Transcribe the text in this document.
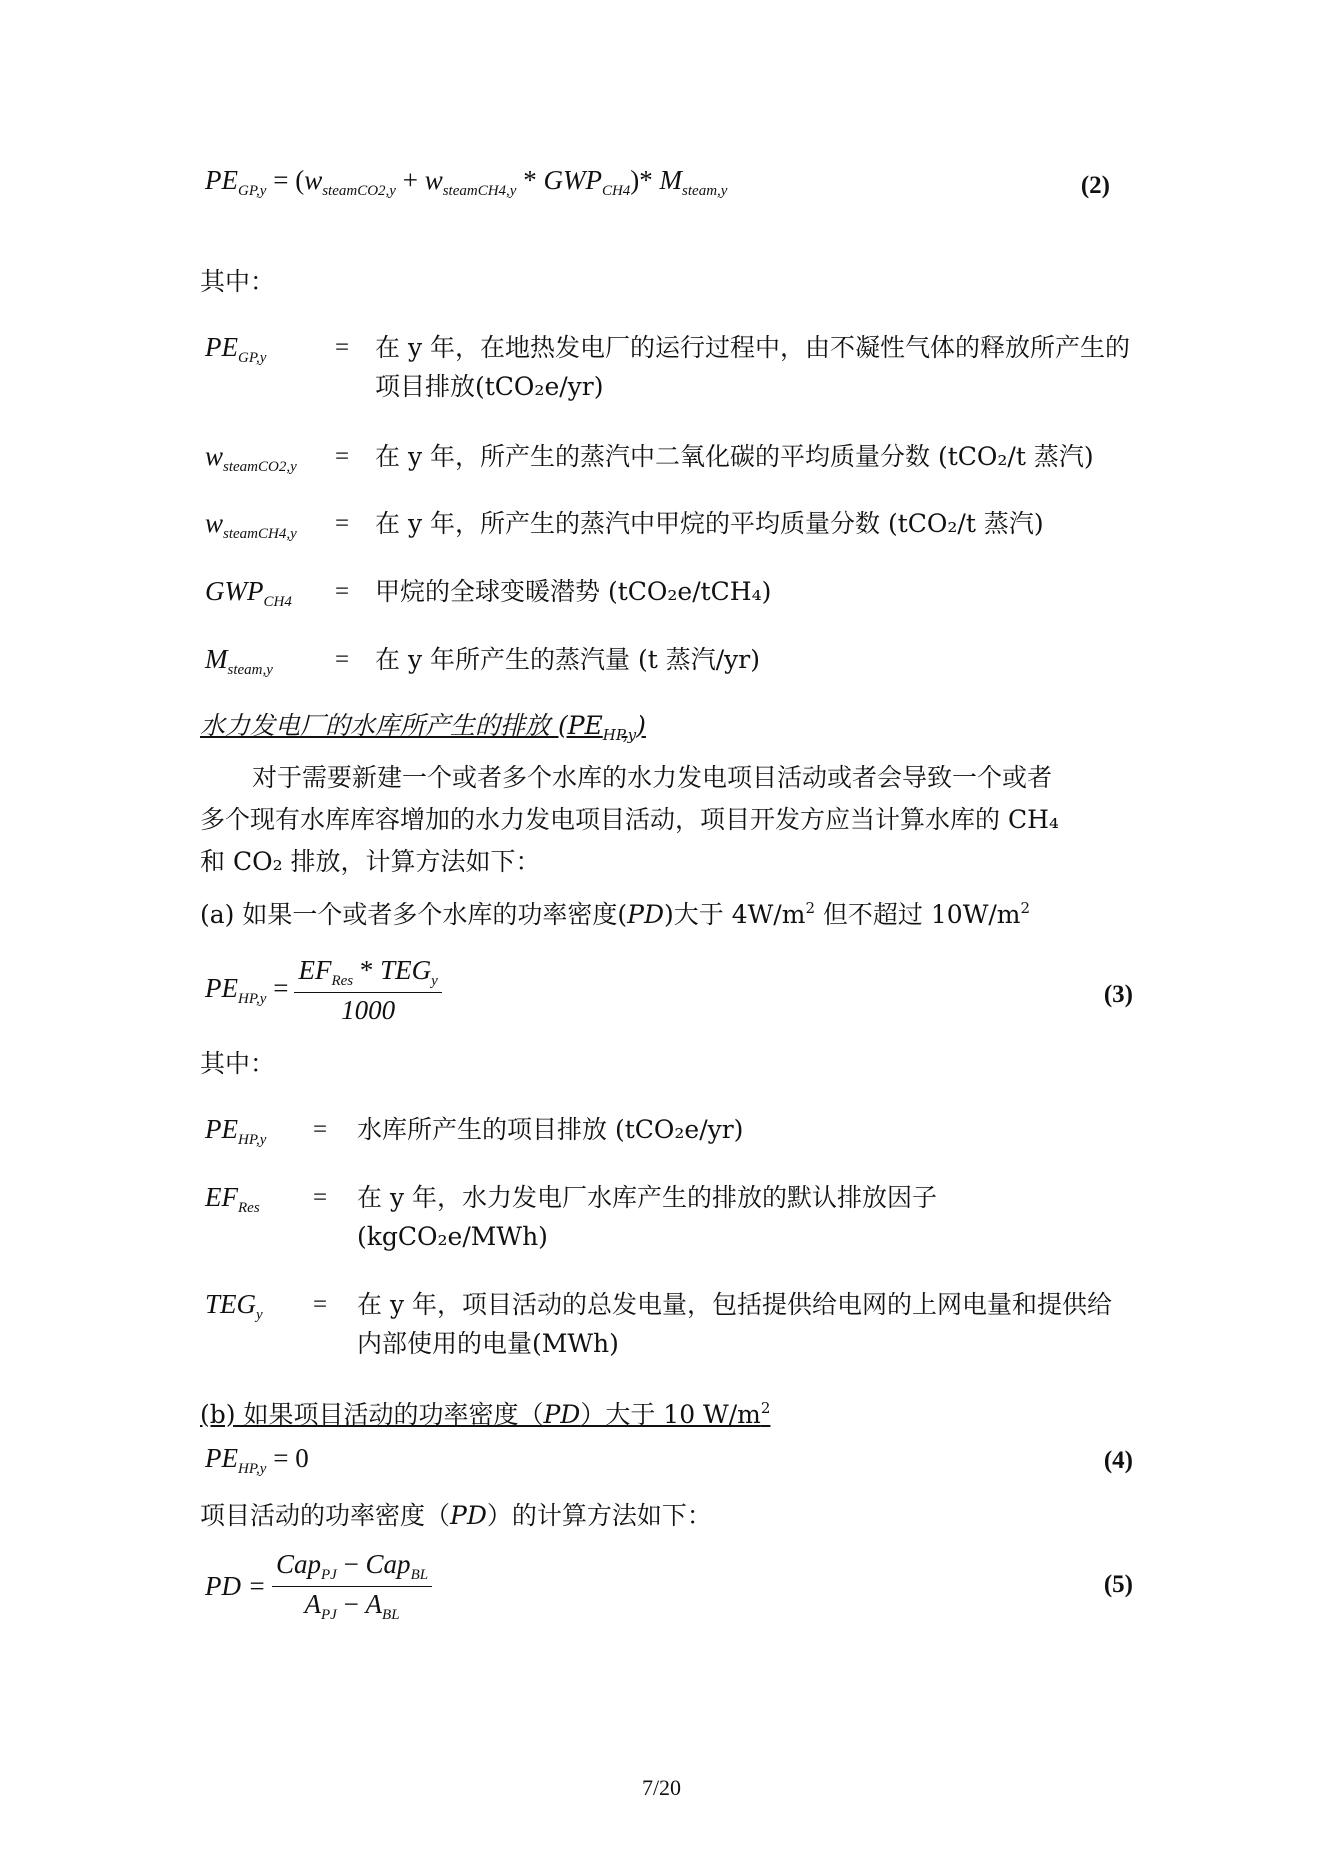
$PE_{GP,y} = (w_{steamCO2,y} + w_{steamCH4,y} * GWP_{CH4})*$ $M_{steam,y}$	(2)
其中：
$PE_{GP,y}$	= 在 y 年，在地热发电厂的运行过程中，由不凝性气体的释放所产生的项目排放(tCO₂e/yr)
$w_{steamCO2,y}$ = 在 y 年，所产生的蒸汽中二氧化碳的平均质量分数 (tCO₂/t 蒸汽)
$w_{steamCH4,y}$ = 在 y 年，所产生的蒸汽中甲烷的平均质量分数 (tCO₂/t 蒸汽)
$GWP_{CH4}$ = 甲烷的全球变暖潜势 (tCO₂e/tCH₄)
$M_{steam,y}$ = 在 y 年所产生的蒸汽量 (t 蒸汽/yr)
水力发电厂的水库所产生的排放 $(PE_{HP,y})$
对于需要新建一个或者多个水库的水力发电项目活动或者会导致一个或者
多个现有水库库容增加的水力发电项目活动，项目开发方应当计算水库的 CH₄
和 CO₂ 排放，计算方法如下：
(a) 如果一个或者多个水库的功率密度(PD)大于 $4W/m^2$ 但不超过 $10W/m^2$
$PE_{HP,y} = \frac{EF_{Res} * TEG_y}{1000}$	(3)
其中：
$PE_{HP,y}$ = 水库所产生的项目排放 (tCO₂e/yr)
$EF_{Res}$ = 在 y 年，水力发电厂水库产生的排放的默认排放因子 (kgCO₂e/MWh)
$TEG_y$ = 在 y 年，项目活动的总发电量，包括提供给电网的上网电量和提供给内部使用的电量(MWh)
(b) 如果项目活动的功率密度（PD）大于 10 $W/m^2$
$PE_{HP,y} = 0$	(4)
项目活动的功率密度（PD）的计算方法如下：
PD = $\frac{Cap_{PJ} - Cap_{BL}}{A_{PJ} - A_{BL}}$	(5)
7/20
